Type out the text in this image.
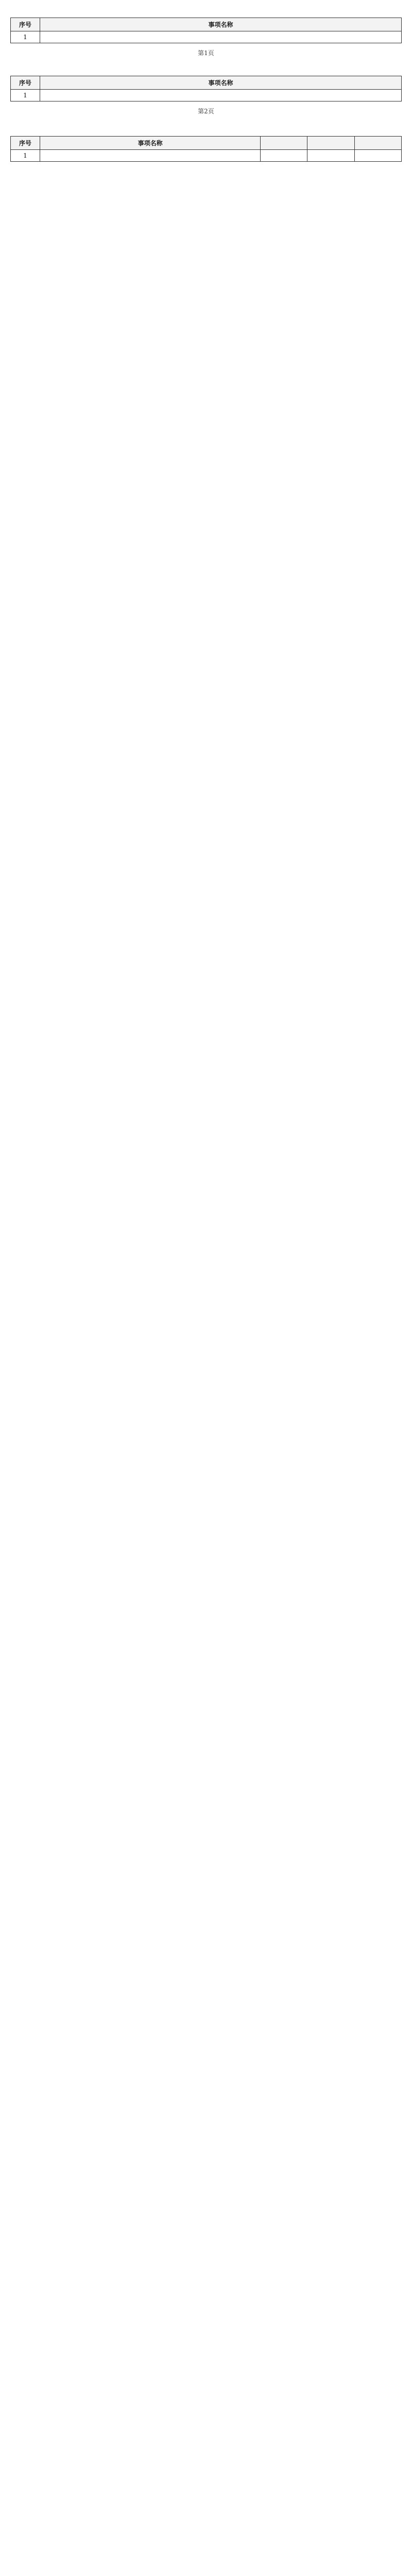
序号	事项名称
1	
第1页
序号	事项名称
1	
第2页
序号	事项名称			
1				
